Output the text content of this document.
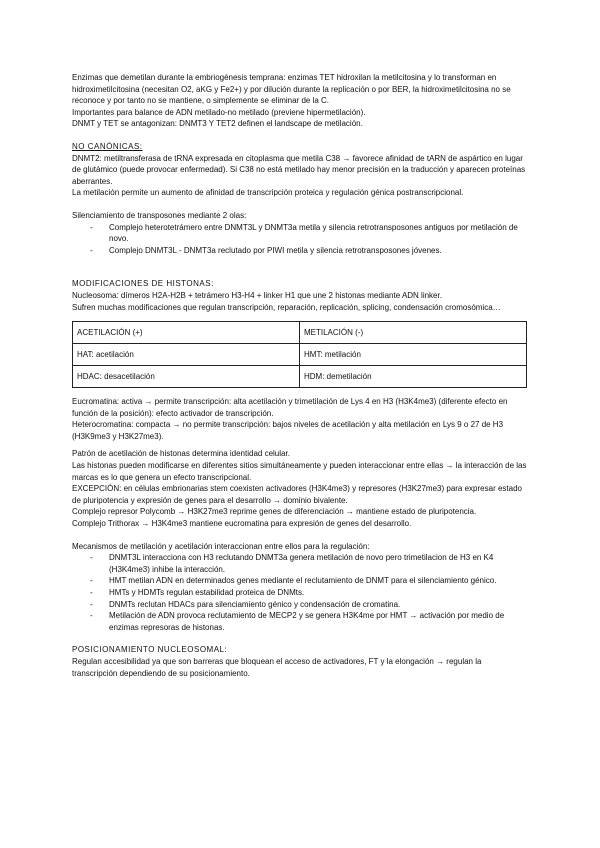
Enzimas que demetilan durante la embriogénesis temprana: enzimas TET hidroxilan la metilcitosina y lo transforman en hidroximetilcitosina (necesitan O2, aKG y Fe2+) y por dilución durante la replicación o por BER, la hidroximetilcitosina no se reconoce y por tanto no se mantiene, o simplemente se eliminar de la C.

Importantes para balance de ADN metilado-no metilado (previene hipermetilación).

DNMT y TET se antagonizan: DNMT3 Y TET2 definen el landscape de metilación.

NO CANÓNICAS:

DNMT2: metiltransferasa de tRNA expresada en citoplasma que metila C38 → favorece afinidad de tARN de aspártico en lugar de glutámico (puede provocar enfermedad). Si C38 no está metilado hay menor precisión en la traducción y aparecen proteínas aberrantes.

La metilación permite un aumento de afinidad de transcripción proteica y regulación génica postranscripcional.

Silenciamiento de transposones mediante 2 olas:

- Complejo heterotetrámero entre DNMT3L y DNMT3a metila y silencia retrotransposones antiguos por metilación de novo.
- Complejo DNMT3L - DNMT3a reclutado por PIWI metila y silencia retrotransposones jóvenes.

MODIFICACIONES DE HISTONAS:

Nucleosoma: dímeros H2A-H2B + tetrámero H3-H4 + linker H1 que une 2 histonas mediante ADN linker.

Sufren muchas modificaciones que regulan transcripción, reparación, replicación, splicing, condensación cromosómica…

ACETILACIÓN (+)	METILACIÓN (-)
HAT: acetilación	HMT: metilación
HDAC: desacetilación	HDM: demetilación

Eucromatina: activa → permite transcripción: alta acetilación y trimetilación de Lys 4 en H3 (H3K4me3) (diferente efecto en función de la posición): efecto activador de transcripción.

Heterocromatina: compacta → no permite transcripción: bajos niveles de acetilación y alta metilación en Lys 9 o 27 de H3 (H3K9me3 y H3K27me3).

Patrón de acetilación de histonas determina identidad celular.

Las histonas pueden modificarse en diferentes sitios simultáneamente y pueden interaccionar entre ellas → la interacción de las marcas es lo que genera un efecto transcripcional.

EXCEPCIÓN: en células embrionarias stem coexisten activadores (H3K4me3) y represores (H3K27me3) para expresar estado de pluripotencia y expresión de genes para el desarrollo → dominio bivalente.

Complejo represor Polycomb → H3K27me3 reprime genes de diferenciación → mantiene estado de pluripotencia.

Complejo Trithorax → H3K4me3 mantiene eucromatina para expresión de genes del desarrollo.

Mecanismos de metilación y acetilación interaccionan entre ellos para la regulación:

- DNMT3L interacciona con H3 reclutando DNMT3a genera metilación de novo pero trimetilacion de H3 en K4 (H3K4me3) inhibe la interacción.
- HMT metilan ADN en determinados genes mediante el reclutamiento de DNMT para el silenciamiento génico.
- HMTs y HDMTs regulan estabilidad proteica de DNMts.
- DNMTs reclutan HDACs para silenciamiento génico y condensación de cromatina.
- Metilación de ADN provoca reclutamiento de MECP2 y se genera H3K4me por HMT → activación por medio de enzimas represoras de histonas.

POSICIONAMIENTO NUCLEOSOMAL:

Regulan accesibilidad ya que son barreras que bloquean el acceso de activadores, FT y la elongación → regulan la transcripción dependiendo de su posicionamiento.
